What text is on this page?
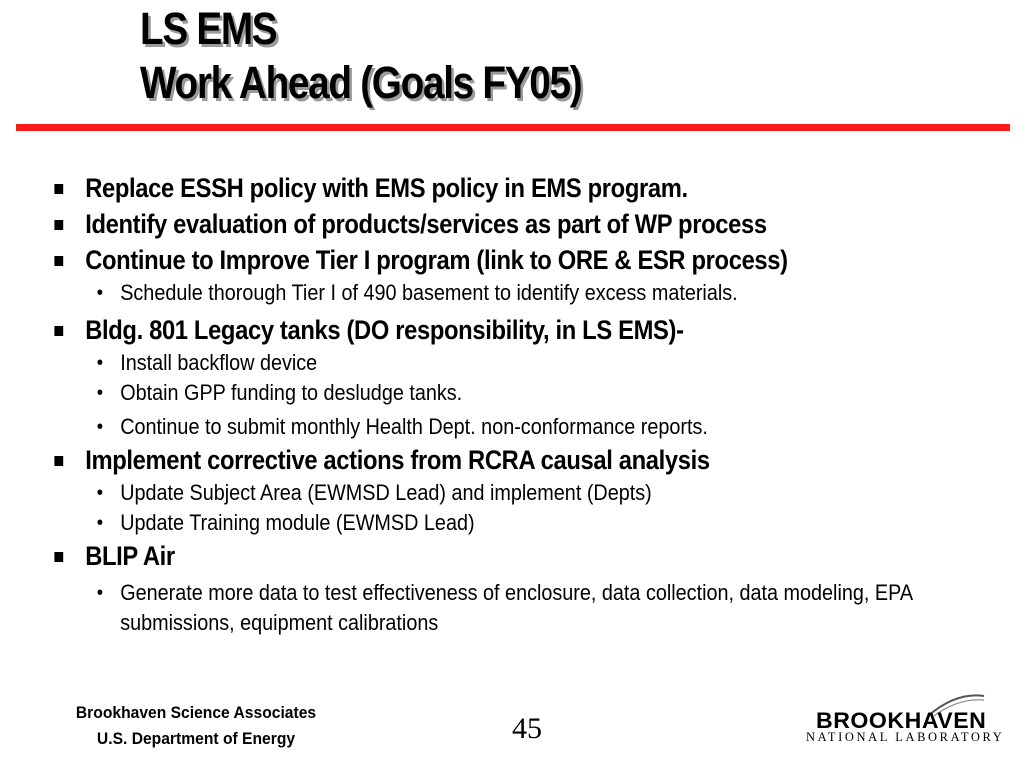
LS EMS
Work Ahead (Goals FY05)
Replace ESSH policy with EMS policy in EMS program.
Identify evaluation of products/services as part of WP process
Continue to Improve Tier I program (link to ORE & ESR process)
• Schedule thorough Tier I of 490 basement to identify excess materials.
Bldg. 801 Legacy tanks (DO responsibility, in LS EMS)-
• Install backflow device
• Obtain GPP funding to desludge tanks.
• Continue to submit monthly Health Dept. non-conformance reports.
Implement corrective actions from RCRA causal analysis
• Update Subject Area (EWMSD Lead) and implement (Depts)
• Update Training module (EWMSD Lead)
BLIP Air
• Generate more data to test effectiveness of enclosure, data collection, data modeling, EPA submissions, equipment calibrations
Brookhaven Science Associates
U.S. Department of Energy	45	BROOKHAVEN
NATIONAL LABORATORY
